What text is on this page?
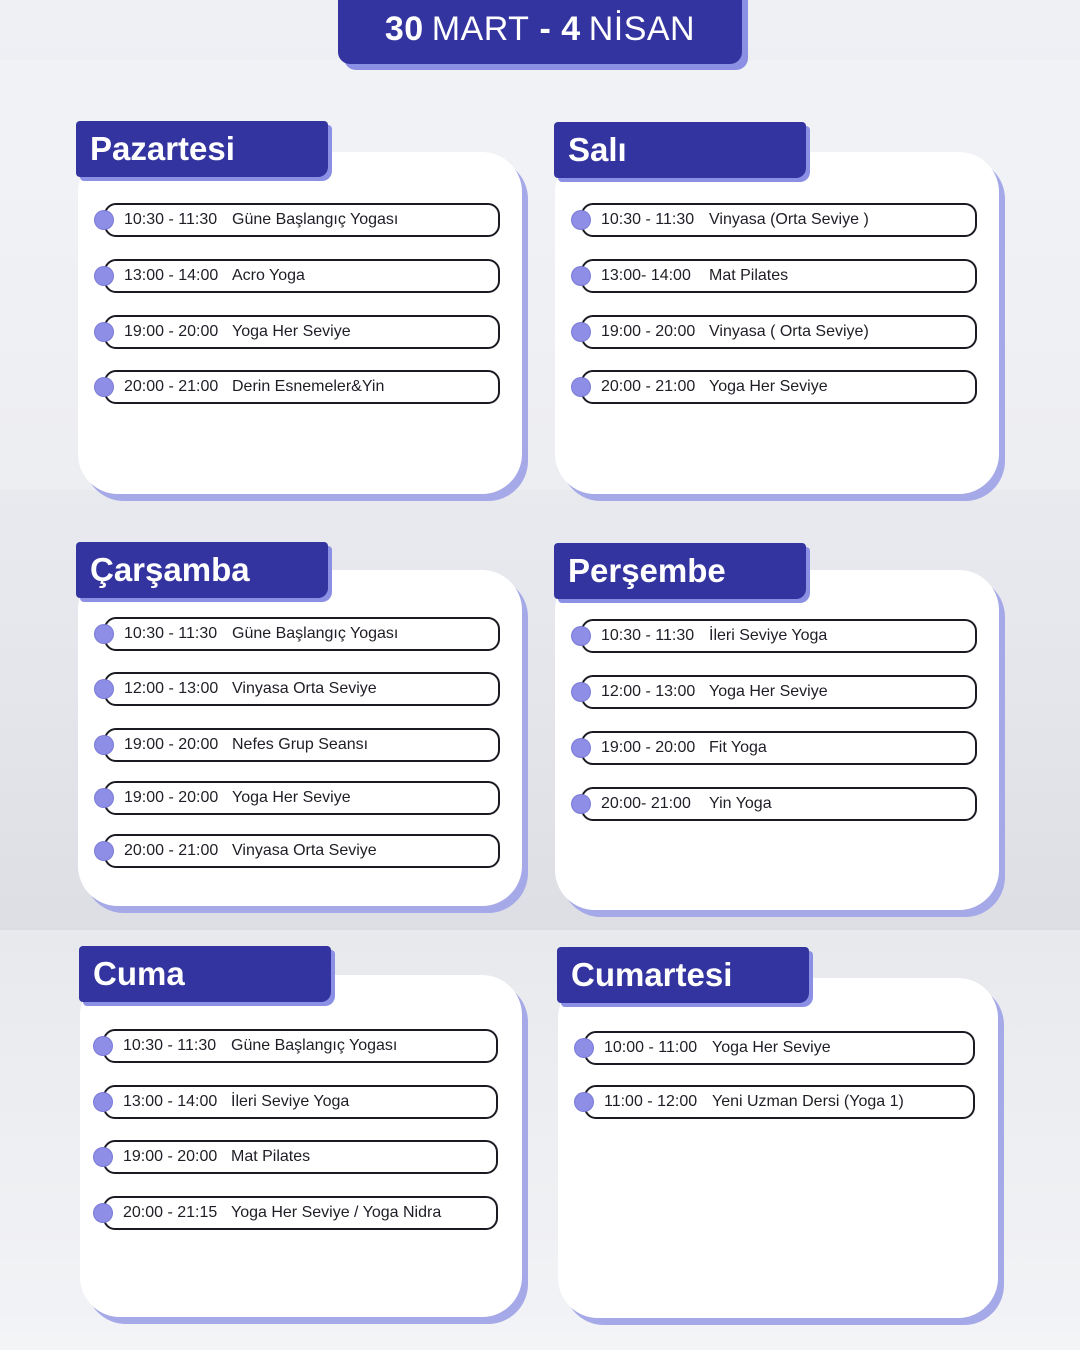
30 MART - 4 NİSAN
Pazartesi
10:30 - 11:30 Güne Başlangıç Yogası
13:00 - 14:00 Acro Yoga
19:00 - 20:00 Yoga Her Seviye
20:00 - 21:00 Derin Esnemeler&Yin
Salı
10:30 - 11:30 Vinyasa (Orta Seviye )
13:00- 14:00 Mat Pilates
19:00 - 20:00 Vinyasa ( Orta Seviye)
20:00 - 21:00 Yoga Her Seviye
Çarşamba
10:30 - 11:30 Güne Başlangıç Yogası
12:00 - 13:00 Vinyasa Orta Seviye
19:00 - 20:00 Nefes Grup Seansı
19:00 - 20:00 Yoga Her Seviye
20:00 - 21:00 Vinyasa Orta Seviye
Perşembe
10:30 - 11:30 İleri Seviye Yoga
12:00 - 13:00 Yoga Her Seviye
19:00 - 20:00 Fit Yoga
20:00- 21:00 Yin Yoga
Cuma
10:30 - 11:30 Güne Başlangıç Yogası
13:00 - 14:00 İleri Seviye Yoga
19:00 - 20:00 Mat Pilates
20:00 - 21:15 Yoga Her Seviye / Yoga Nidra
Cumartesi
10:00 - 11:00 Yoga Her Seviye
11:00 - 12:00 Yeni Uzman Dersi (Yoga 1)
